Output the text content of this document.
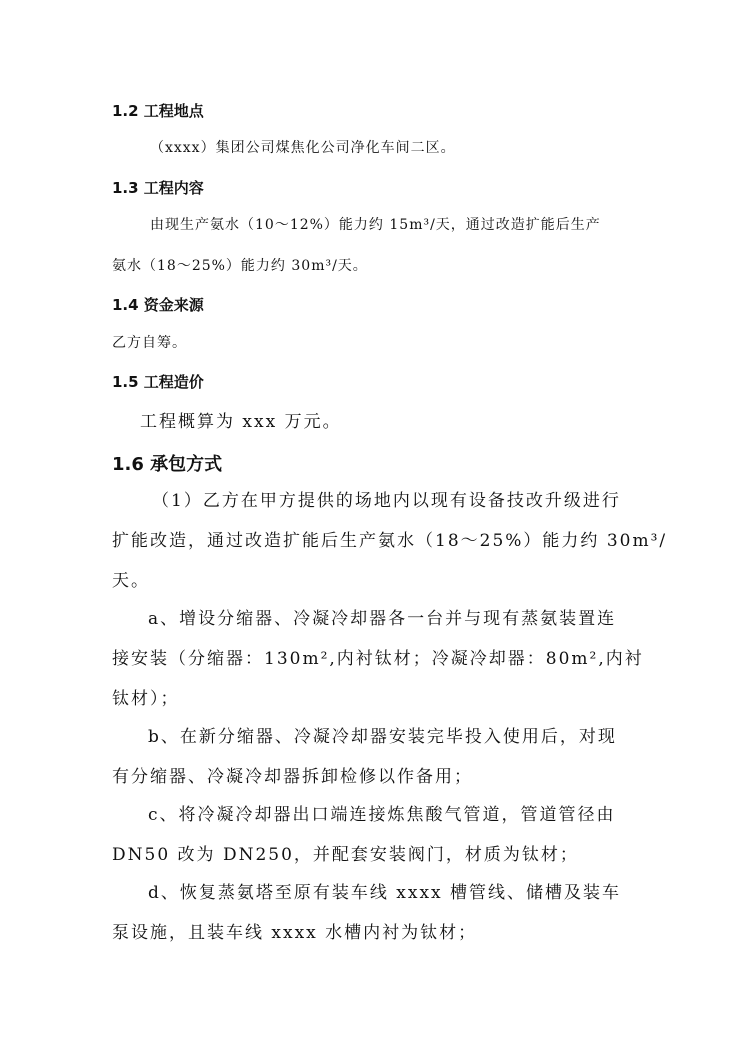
1.2 工程地点
（xxxx）集团公司煤焦化公司净化车间二区。
1.3 工程内容
由现生产氨水（10～12%）能力约 15m³/天，通过改造扩能后生产
氨水（18～25%）能力约 30m³/天。
1.4 资金来源
乙方自筹。
1.5 工程造价
工程概算为 xxx 万元。
1.6 承包方式
（1）乙方在甲方提供的场地内以现有设备技改升级进行
扩能改造，通过改造扩能后生产氨水（18～25%）能力约 30m³/
天。
a、增设分缩器、冷凝冷却器各一台并与现有蒸氨装置连
接安装（分缩器：130m²,内衬钛材；冷凝冷却器：80m²,内衬
钛材）；
b、在新分缩器、冷凝冷却器安装完毕投入使用后，对现
有分缩器、冷凝冷却器拆卸检修以作备用；
c、将冷凝冷却器出口端连接炼焦酸气管道，管道管径由
DN50 改为 DN250，并配套安装阀门，材质为钛材；
d、恢复蒸氨塔至原有装车线 xxxx 槽管线、储槽及装车
泵设施，且装车线 xxxx 水槽内衬为钛材；
